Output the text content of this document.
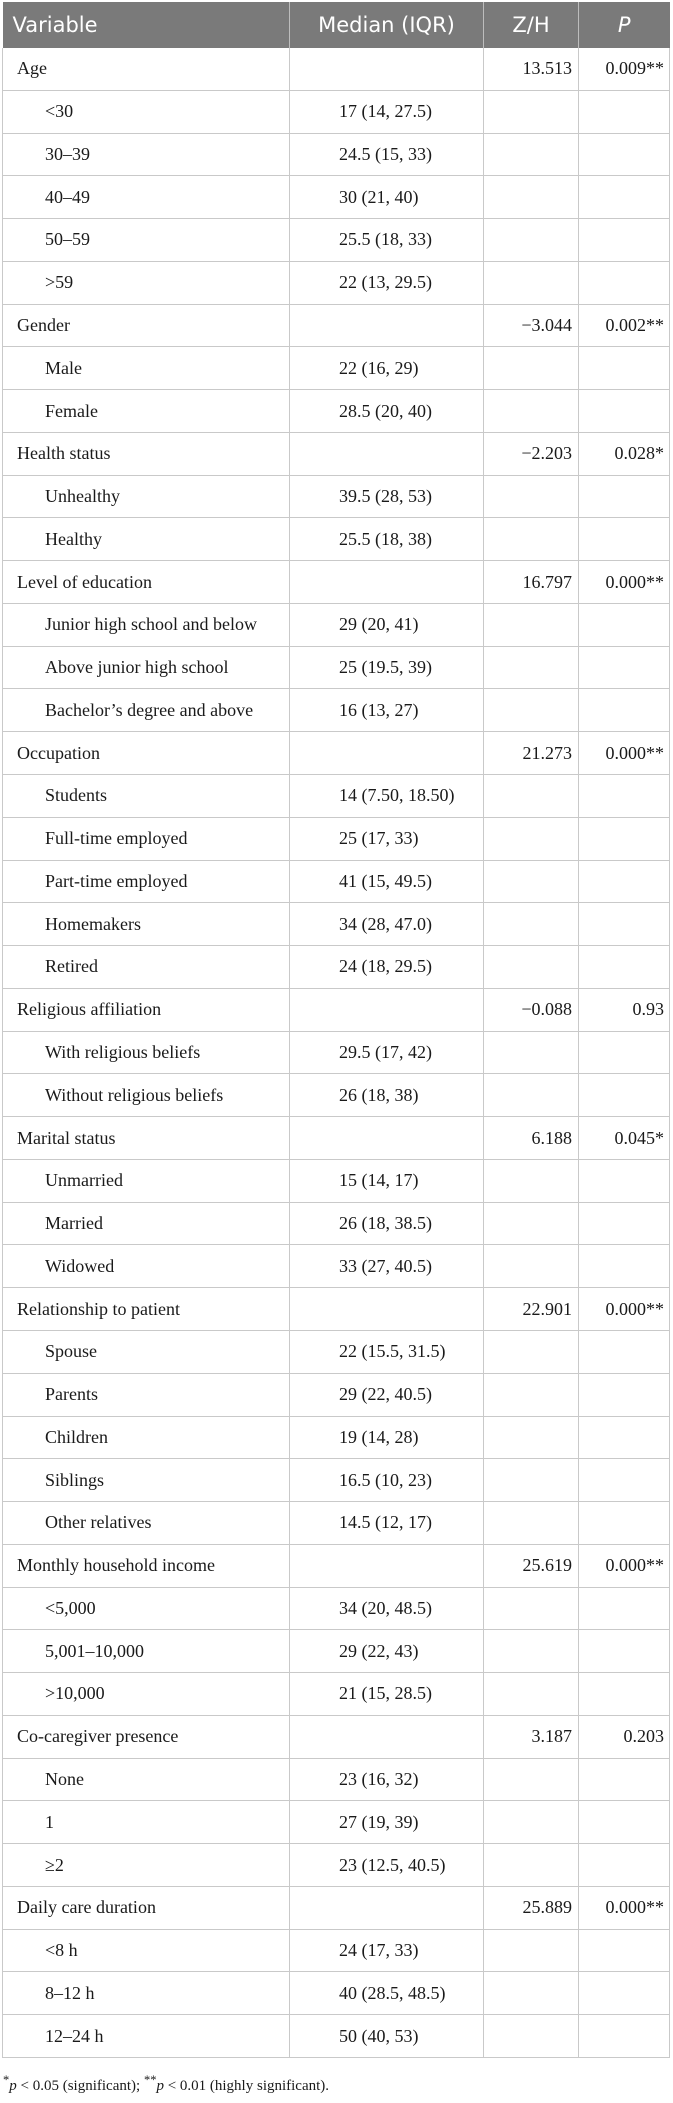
Variable	Median (IQR)	Z/H	P
Age		13.513	0.009**
<30	17 (14, 27.5)		
30–39	24.5 (15, 33)		
40–49	30 (21, 40)		
50–59	25.5 (18, 33)		
>59	22 (13, 29.5)		
Gender		−3.044	0.002**
Male	22 (16, 29)		
Female	28.5 (20, 40)		
Health status		−2.203	0.028*
Unhealthy	39.5 (28, 53)		
Healthy	25.5 (18, 38)		
Level of education		16.797	0.000**
Junior high school and below	29 (20, 41)		
Above junior high school	25 (19.5, 39)		
Bachelor’s degree and above	16 (13, 27)		
Occupation		21.273	0.000**
Students	14 (7.50, 18.50)		
Full-time employed	25 (17, 33)		
Part-time employed	41 (15, 49.5)		
Homemakers	34 (28, 47.0)		
Retired	24 (18, 29.5)		
Religious affiliation		−0.088	0.93
With religious beliefs	29.5 (17, 42)		
Without religious beliefs	26 (18, 38)		
Marital status		6.188	0.045*
Unmarried	15 (14, 17)		
Married	26 (18, 38.5)		
Widowed	33 (27, 40.5)		
Relationship to patient		22.901	0.000**
Spouse	22 (15.5, 31.5)		
Parents	29 (22, 40.5)		
Children	19 (14, 28)		
Siblings	16.5 (10, 23)		
Other relatives	14.5 (12, 17)		
Monthly household income		25.619	0.000**
<5,000	34 (20, 48.5)		
5,001–10,000	29 (22, 43)		
>10,000	21 (15, 28.5)		
Co-caregiver presence		3.187	0.203
None	23 (16, 32)		
1	27 (19, 39)		
≥2	23 (12.5, 40.5)		
Daily care duration		25.889	0.000**
<8 h	24 (17, 33)		
8–12 h	40 (28.5, 48.5)		
12–24 h	50 (40, 53)		
*p < 0.05 (significant); **p < 0.01 (highly significant).
